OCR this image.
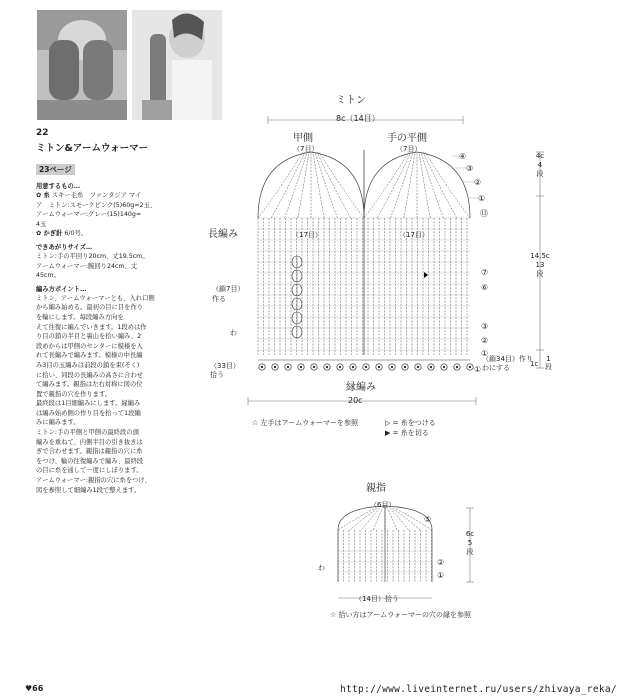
22

ミトン&アームウォーマー

23ページ
用意するもの…

✿ 糸 スキー毛糸　ファンタジア マイ
ア　ミトン:スモークピンク(5)60g=2玉、
アームウォーマー:グレー(15)140g=
4玉

✿ かぎ針 6/0号。

できあがりサイズ…

ミトン:手の平回り20cm、丈19.5cm。
アームウォーマー:腕回り24cm、丈
45cm。

編み方ポイント…

ミトン、アームウォーマーとも、入れ口側
から編み始める。最初の目に目を作り
を輪にします。毎段編み方向を
えて往復に編んでいきます。1段めは作
り目の鎖の半目と裏山を拾い編み、2
段めからは甲側のセンターに模様を入
れて長編みで編みます。模様の中長編
み3目の玉編みは前段の鎖を束(そく)
に拾い、同段の長編みの高さに合わせ
て編みます。親指は左右対称に図の位
置で親指の穴を作ります。
最終段は1目細編みにします。縁編み
は編み始め側の作り目を拾って1段編
みに編みます。
ミトン:手の平側と甲側の最終段の頭
編みを重ねて、内側半目の引き抜きは
ぎで合わせます。親指は親指の穴に糸
をつけ、輪の往復編みで編み、最終段
の目に糸を通して一度にしぼります。
アームウォーマー:親指の穴に糸をつけ、
図を参照して細編み1段で整えます。

ミトン
8c（14目）
甲側	手の平側
（7目）	（7目）
（17目）	（17目）
長編み
（鎖7目）
作る
わ
（33目）
拾う
（鎖34目）作り
わにする
縁編み
20c
④
③
②
①
⑬
⑦
⑥
③
②
①
①
4c
4
段
14.5c
13
段
1c
1
段
☆ 左手はアームウォーマーを参照	▷ = 糸をつける
▶ = 糸を切る
親指
（6目）
⑤
②
①
わ
6c
5
段
（14目）拾う
☆ 拾い方はアームウォーマーの穴の縁を参照
♥66	http://www.liveinternet.ru/users/zhivaya_reka/
